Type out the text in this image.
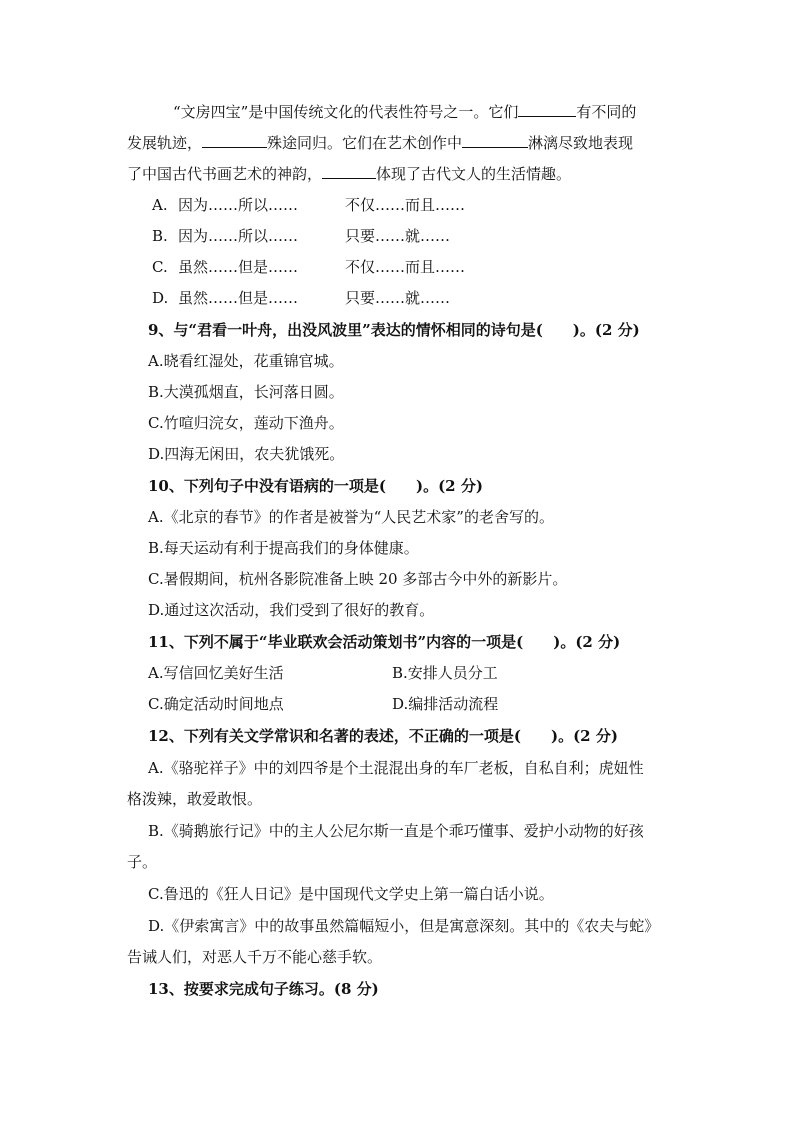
“文房四宝”是中国传统文化的代表性符号之一。它们	有不同的
发展轨迹，	殊途同归。它们在艺术创作中	淋漓尽致地表现
了中国古代书画艺术的神韵，	体现了古代文人的生活情趣。
A. 因为……所以……	不仅……而且……
B. 因为……所以……	只要……就……
C. 虽然……但是……	不仅……而且……
D. 虽然……但是……	只要……就……
9、与“君看一叶舟，出没风波里”表达的情怀相同的诗句是(　　)。(2 分)
A.晓看红湿处，花重锦官城。
B.大漠孤烟直，长河落日圆。
C.竹喧归浣女，莲动下渔舟。
D.四海无闲田，农夫犹饿死。
10、下列句子中没有语病的一项是(　　)。(2 分)
A.《北京的春节》的作者是被誉为“人民艺术家”的老舍写的。
B.每天运动有利于提高我们的身体健康。
C.暑假期间，杭州各影院准备上映 20 多部古今中外的新影片。
D.通过这次活动，我们受到了很好的教育。
11、下列不属于“毕业联欢会活动策划书”内容的一项是(　　)。(2 分)
A.写信回忆美好生活	B.安排人员分工
C.确定活动时间地点	D.编排活动流程
12、下列有关文学常识和名著的表述，不正确的一项是(　　)。(2 分)
A.《骆驼祥子》中的刘四爷是个土混混出身的车厂老板，自私自利；虎妞性
格泼辣，敢爱敢恨。
B.《骑鹅旅行记》中的主人公尼尔斯一直是个乖巧懂事、爱护小动物的好孩
子。
C.鲁迅的《狂人日记》是中国现代文学史上第一篇白话小说。
D.《伊索寓言》中的故事虽然篇幅短小，但是寓意深刻。其中的《农夫与蛇》
告诫人们，对恶人千万不能心慈手软。
13、按要求完成句子练习。(8 分)
